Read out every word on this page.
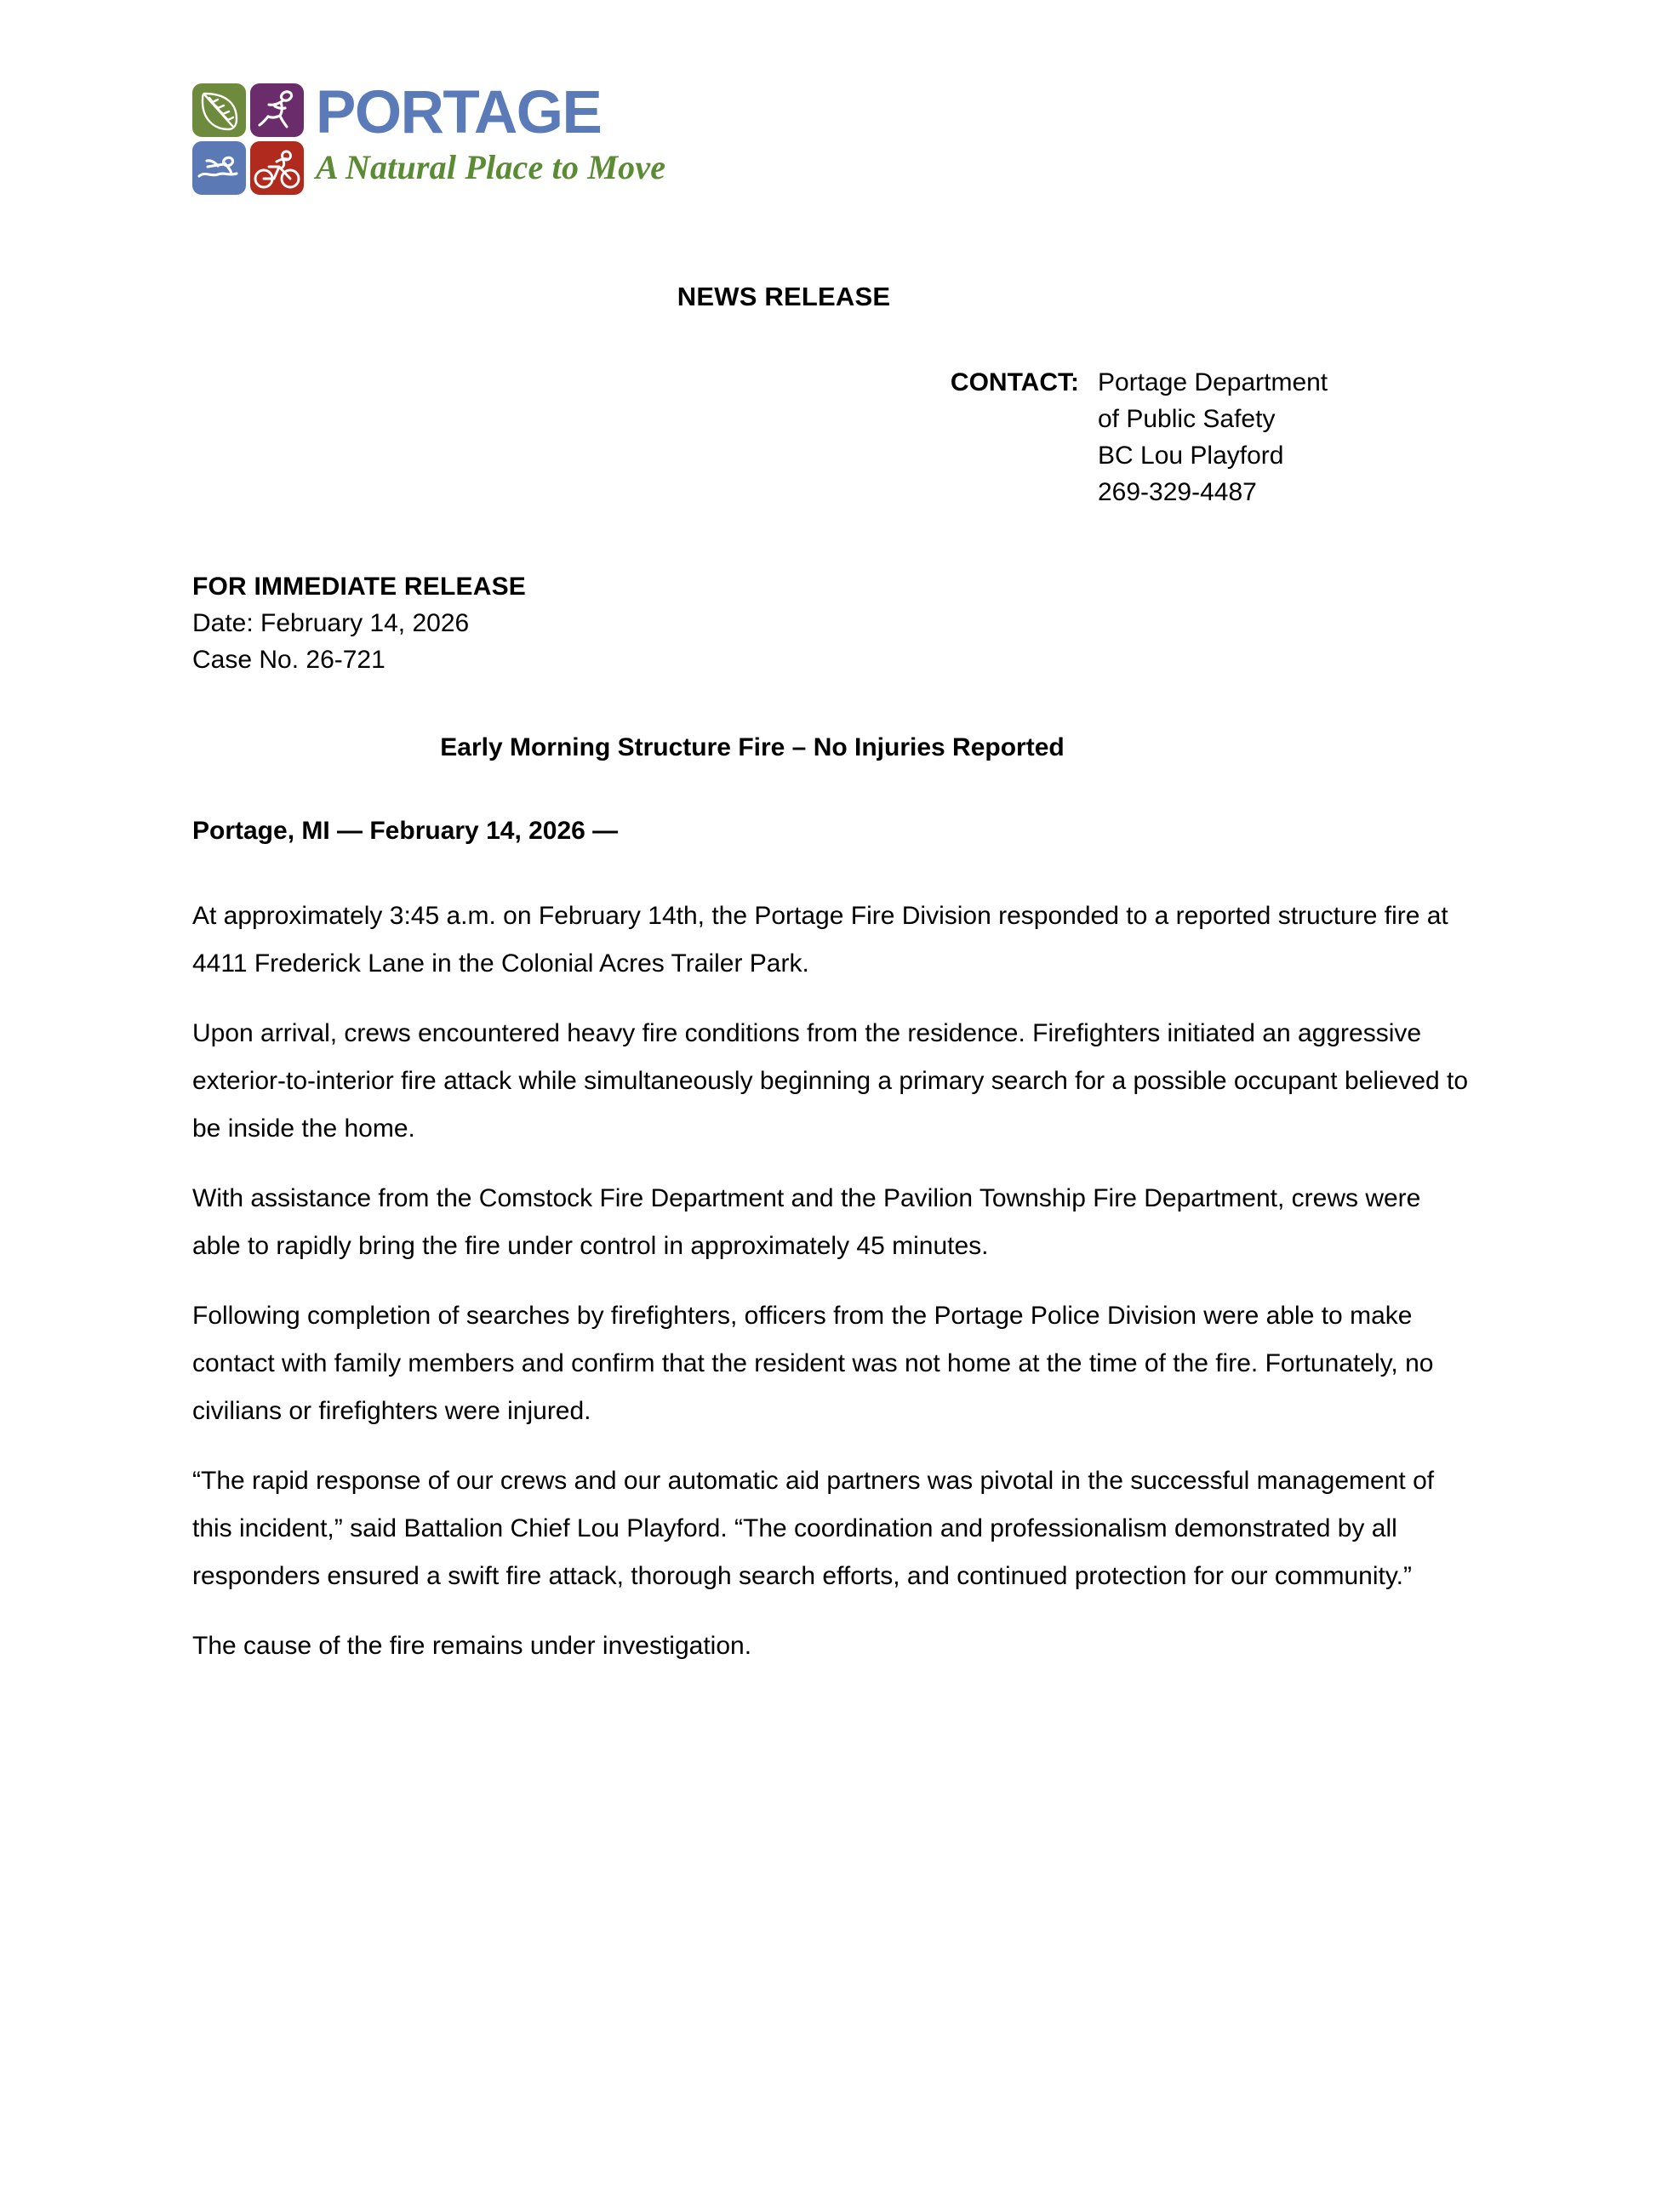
PORTAGE
A Natural Place to Move
NEWS RELEASE
CONTACT: Portage Department
of Public Safety
BC Lou Playford
269-329-4487
FOR IMMEDIATE RELEASE
Date: February 14, 2026
Case No. 26-721
Early Morning Structure Fire – No Injuries Reported
Portage, MI — February 14, 2026 —

At approximately 3:45 a.m. on February 14th, the Portage Fire Division responded to a reported structure fire at 4411 Frederick Lane in the Colonial Acres Trailer Park.

Upon arrival, crews encountered heavy fire conditions from the residence. Firefighters initiated an aggressive exterior-to-interior fire attack while simultaneously beginning a primary search for a possible occupant believed to be inside the home.

With assistance from the Comstock Fire Department and the Pavilion Township Fire Department, crews were able to rapidly bring the fire under control in approximately 45 minutes.

Following completion of searches by firefighters, officers from the Portage Police Division were able to make contact with family members and confirm that the resident was not home at the time of the fire. Fortunately, no civilians or firefighters were injured.

“The rapid response of our crews and our automatic aid partners was pivotal in the successful management of this incident,” said Battalion Chief Lou Playford. “The coordination and professionalism demonstrated by all responders ensured a swift fire attack, thorough search efforts, and continued protection for our community.”

The cause of the fire remains under investigation.
